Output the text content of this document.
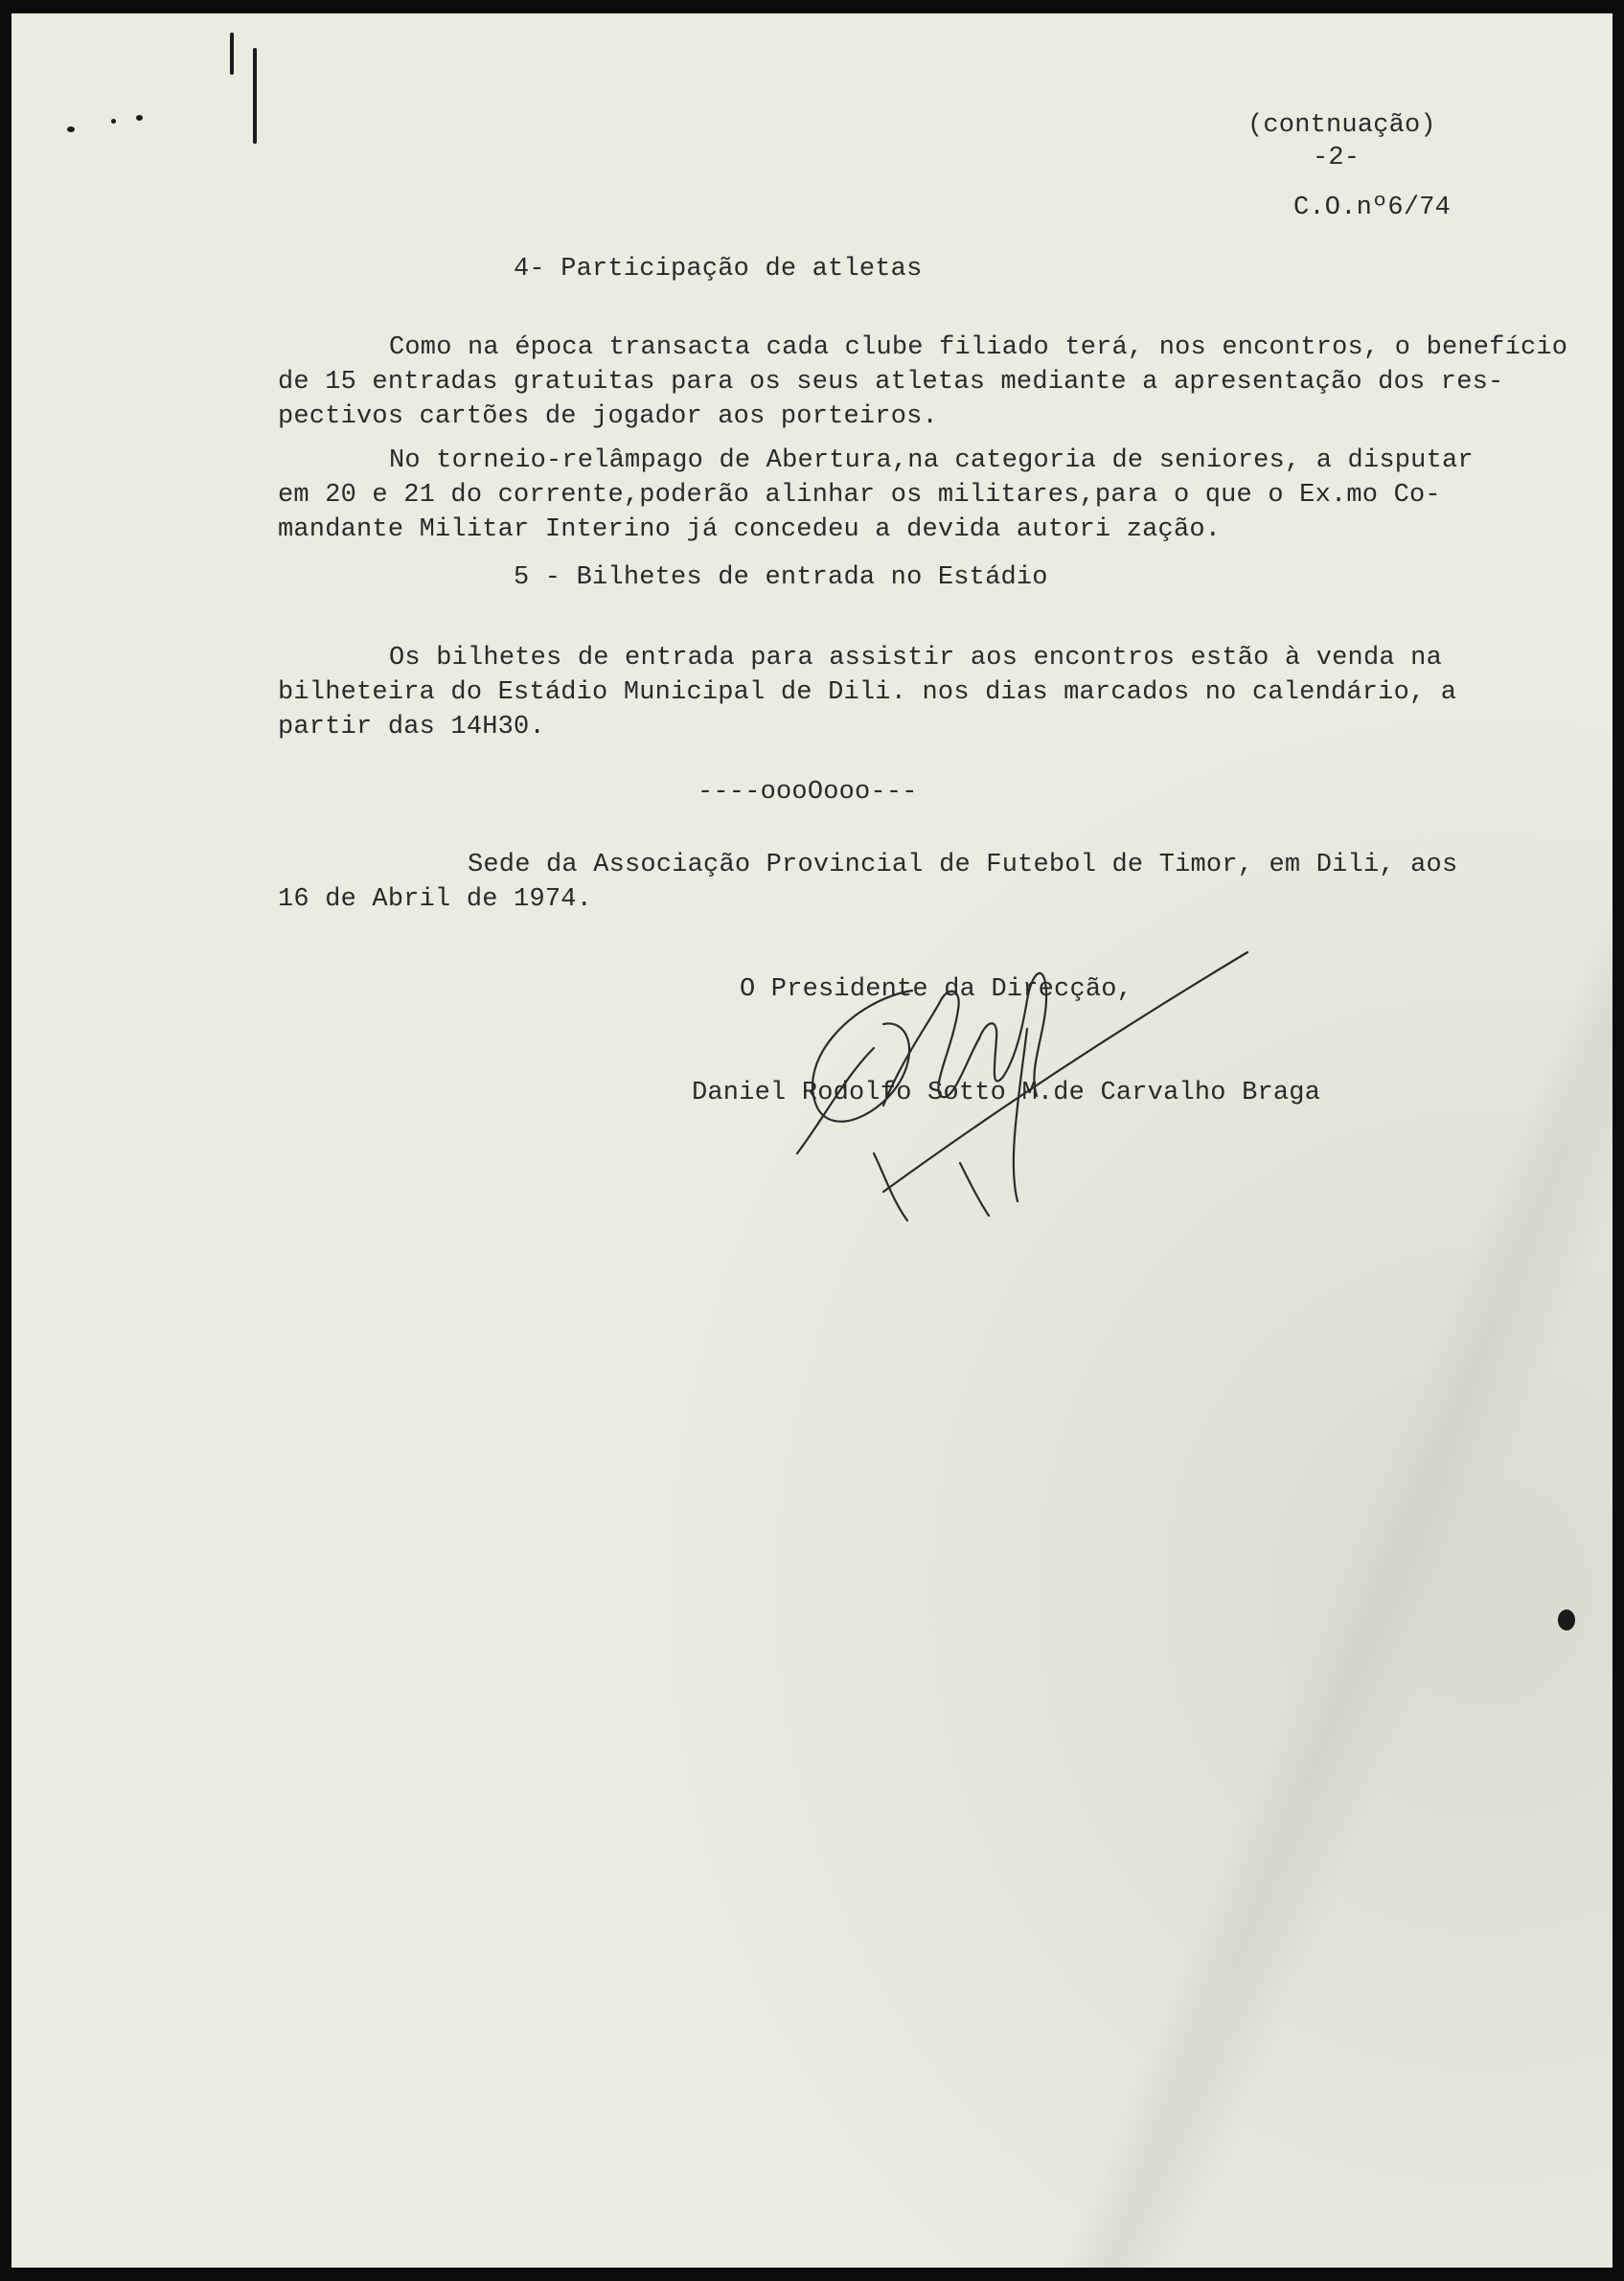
(contnuação)
-2-
C.O.nº6/74
4- Participação de atletas
Como na época transacta cada clube filiado terá, nos encontros, o benefício
de 15 entradas gratuitas para os seus atletas mediante a apresentação dos res-
pectivos cartões de jogador aos porteiros.
No torneio-relâmpago de Abertura,na categoria de seniores, a disputar
em 20 e 21 do corrente,poderão alinhar os militares,para o que o Ex.mo Co-
mandante Militar Interino já concedeu a devida autori zação.
5 - Bilhetes de entrada no Estádio
Os bilhetes de entrada para assistir aos encontros estão à venda na
bilheteira do Estádio Municipal de Dili. nos dias marcados no calendário, a
partir das 14H30.
----oooOooo---
Sede da Associação Provincial de Futebol de Timor, em Dili, aos
16 de Abril de 1974.
O Presidente da Direcção,
Daniel Rodolfo Sotto M.de Carvalho Braga
